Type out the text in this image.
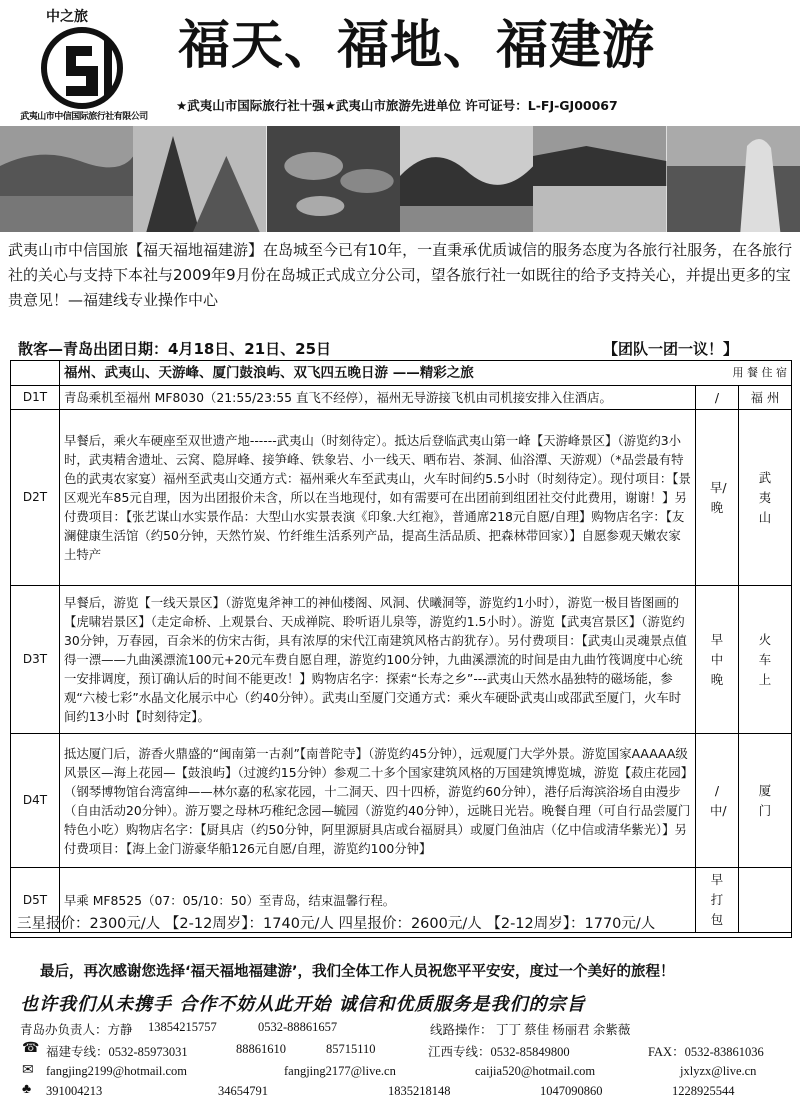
中之旅
武夷山市中信国际旅行社有限公司
福天、福地、福建游
★武夷山市国际旅行社十强★武夷山市旅游先进单位 许可证号：L-FJ-GJ00067
武夷山市中信国旅【福天福地福建游】在岛城至今已有10年，一直秉承优质诚信的服务态度为各旅行社服务，在各旅行社的关心与支持下本社与2009年9月份在岛城正式成立分公司，望各旅行社一如既往的给予支持关心，并提出更多的宝贵意见！—福建线专业操作中心
散客—青岛出团日期：4月18日、21日、25日	【团队一团一议！】
	福州、武夷山、天游峰、厦门鼓浪屿、双飞四五晚日游 ——精彩之旅 用 餐 住 宿		

D1T	青岛乘机至福州 MF8030（21:55/23:55 直飞不经停），福州无导游接飞机由司机接安排入住酒店。	/	福 州
D2T	早餐后，乘火车硬座至双世遗产地------武夷山（时刻待定）。抵达后登临武夷山第一峰【天游峰景区】（游览约3小时，武夷精舍遗址、云窝、隐屏峰、接笋峰、铁象岩、小一线天、晒布岩、茶洞、仙浴潭、天游观）（*品尝最有特色的武夷农家宴）福州至武夷山交通方式：福州乘火车至武夷山，火车时间约5.5小时（时刻待定）。现付项目：【景区观光车85元自理，因为出团报价未含，所以在当地现付，如有需要可在出团前到组团社交付此费用，谢谢！】另付费项目：【张艺谋山水实景作品：大型山水实景表演《印象.大红袍》，普通席218元自愿/自理】购物店名字：【友澜健康生活馆（约50分钟，天然竹炭、竹纤维生活系列产品，提高生活品质、把森林带回家）】自愿参观天嫩农家土特产	早/晚	武夷山
D3T	早餐后，游览【一线天景区】（游览鬼斧神工的神仙楼阁、风洞、伏曦洞等，游览约1小时），游览一极目皆图画的【虎啸岩景区】（走定命桥、上观景台、天成禅院、聆听语儿泉等，游览约1.5小时）。游览【武夷宫景区】（游览约30分钟，万春园，百余米的仿宋古街，具有浓厚的宋代江南建筑风格古韵犹存）。另付费项目：【武夷山灵魂景点值得一漂——九曲溪漂流100元+20元车费自愿自理，游览约100分钟，九曲溪漂流的时间是由九曲竹筏调度中心统一安排调度，预订确认后的时间不能更改！】购物店名字：探索“长寿之乡”---武夷山天然水晶独特的磁场能，参观“六棱七彩”水晶文化展示中心（约40分钟）。武夷山至厦门交通方式：乘火车硬卧武夷山或邵武至厦门，火车时间约13小时【时刻待定】。	早中晚	火车上
D4T	抵达厦门后，游香火鼎盛的“闽南第一古刹”【南普陀寺】（游览约45分钟），远观厦门大学外景。游览国家AAAAA级风景区—海上花园—【鼓浪屿】（过渡约15分钟）参观二十多个国家建筑风格的万国建筑博览城，游览【菽庄花园】（钢琴博物馆台湾富绅——林尔嘉的私家花园，十二洞天、四十四桥，游览约60分钟），港仔后海滨浴场自由漫步（自由活动20分钟）。游万婴之母林巧稚纪念园—毓园（游览约40分钟），远眺日光岩。晚餐自理（可自行品尝厦门特色小吃）购物店名字：【厨具店（约50分钟，阿里源厨具店或台福厨具）或厦门鱼油店（亿中信或清华紫光）】另付费项目：【海上金门游豪华船126元自愿/自理，游览约100分钟】	/中/	厦门
D5T	早乘 MF8525（07：05/10：50）至青岛，结束温馨行程。	早打包	
三星报价：2300元/人 【2-12周岁】：1740元/人 四星报价：2600元/人 【2-12周岁】：1770元/人
最后，再次感谢您选择‘福天福地福建游’，我们全体工作人员祝您平平安安，度过一个美好的旅程！
也许我们从未携手 合作不妨从此开始 诚信和优质服务是我们的宗旨
青岛办负责人：方静 13854215757	0532-88861657	线路操作： 丁丁 蔡佳 杨丽君 余紫薇
☎ 福建专线：0532-85973031	88861610	85715110	江西专线：0532-85849800	FAX：0532-83861036
✉ fangjing2199@hotmail.com	fangjing2177@live.cn	caijia520@hotmail.com	jxlyzx@live.cn
♣ 391004213	34654791	1835218148	1047090860	1228925544
